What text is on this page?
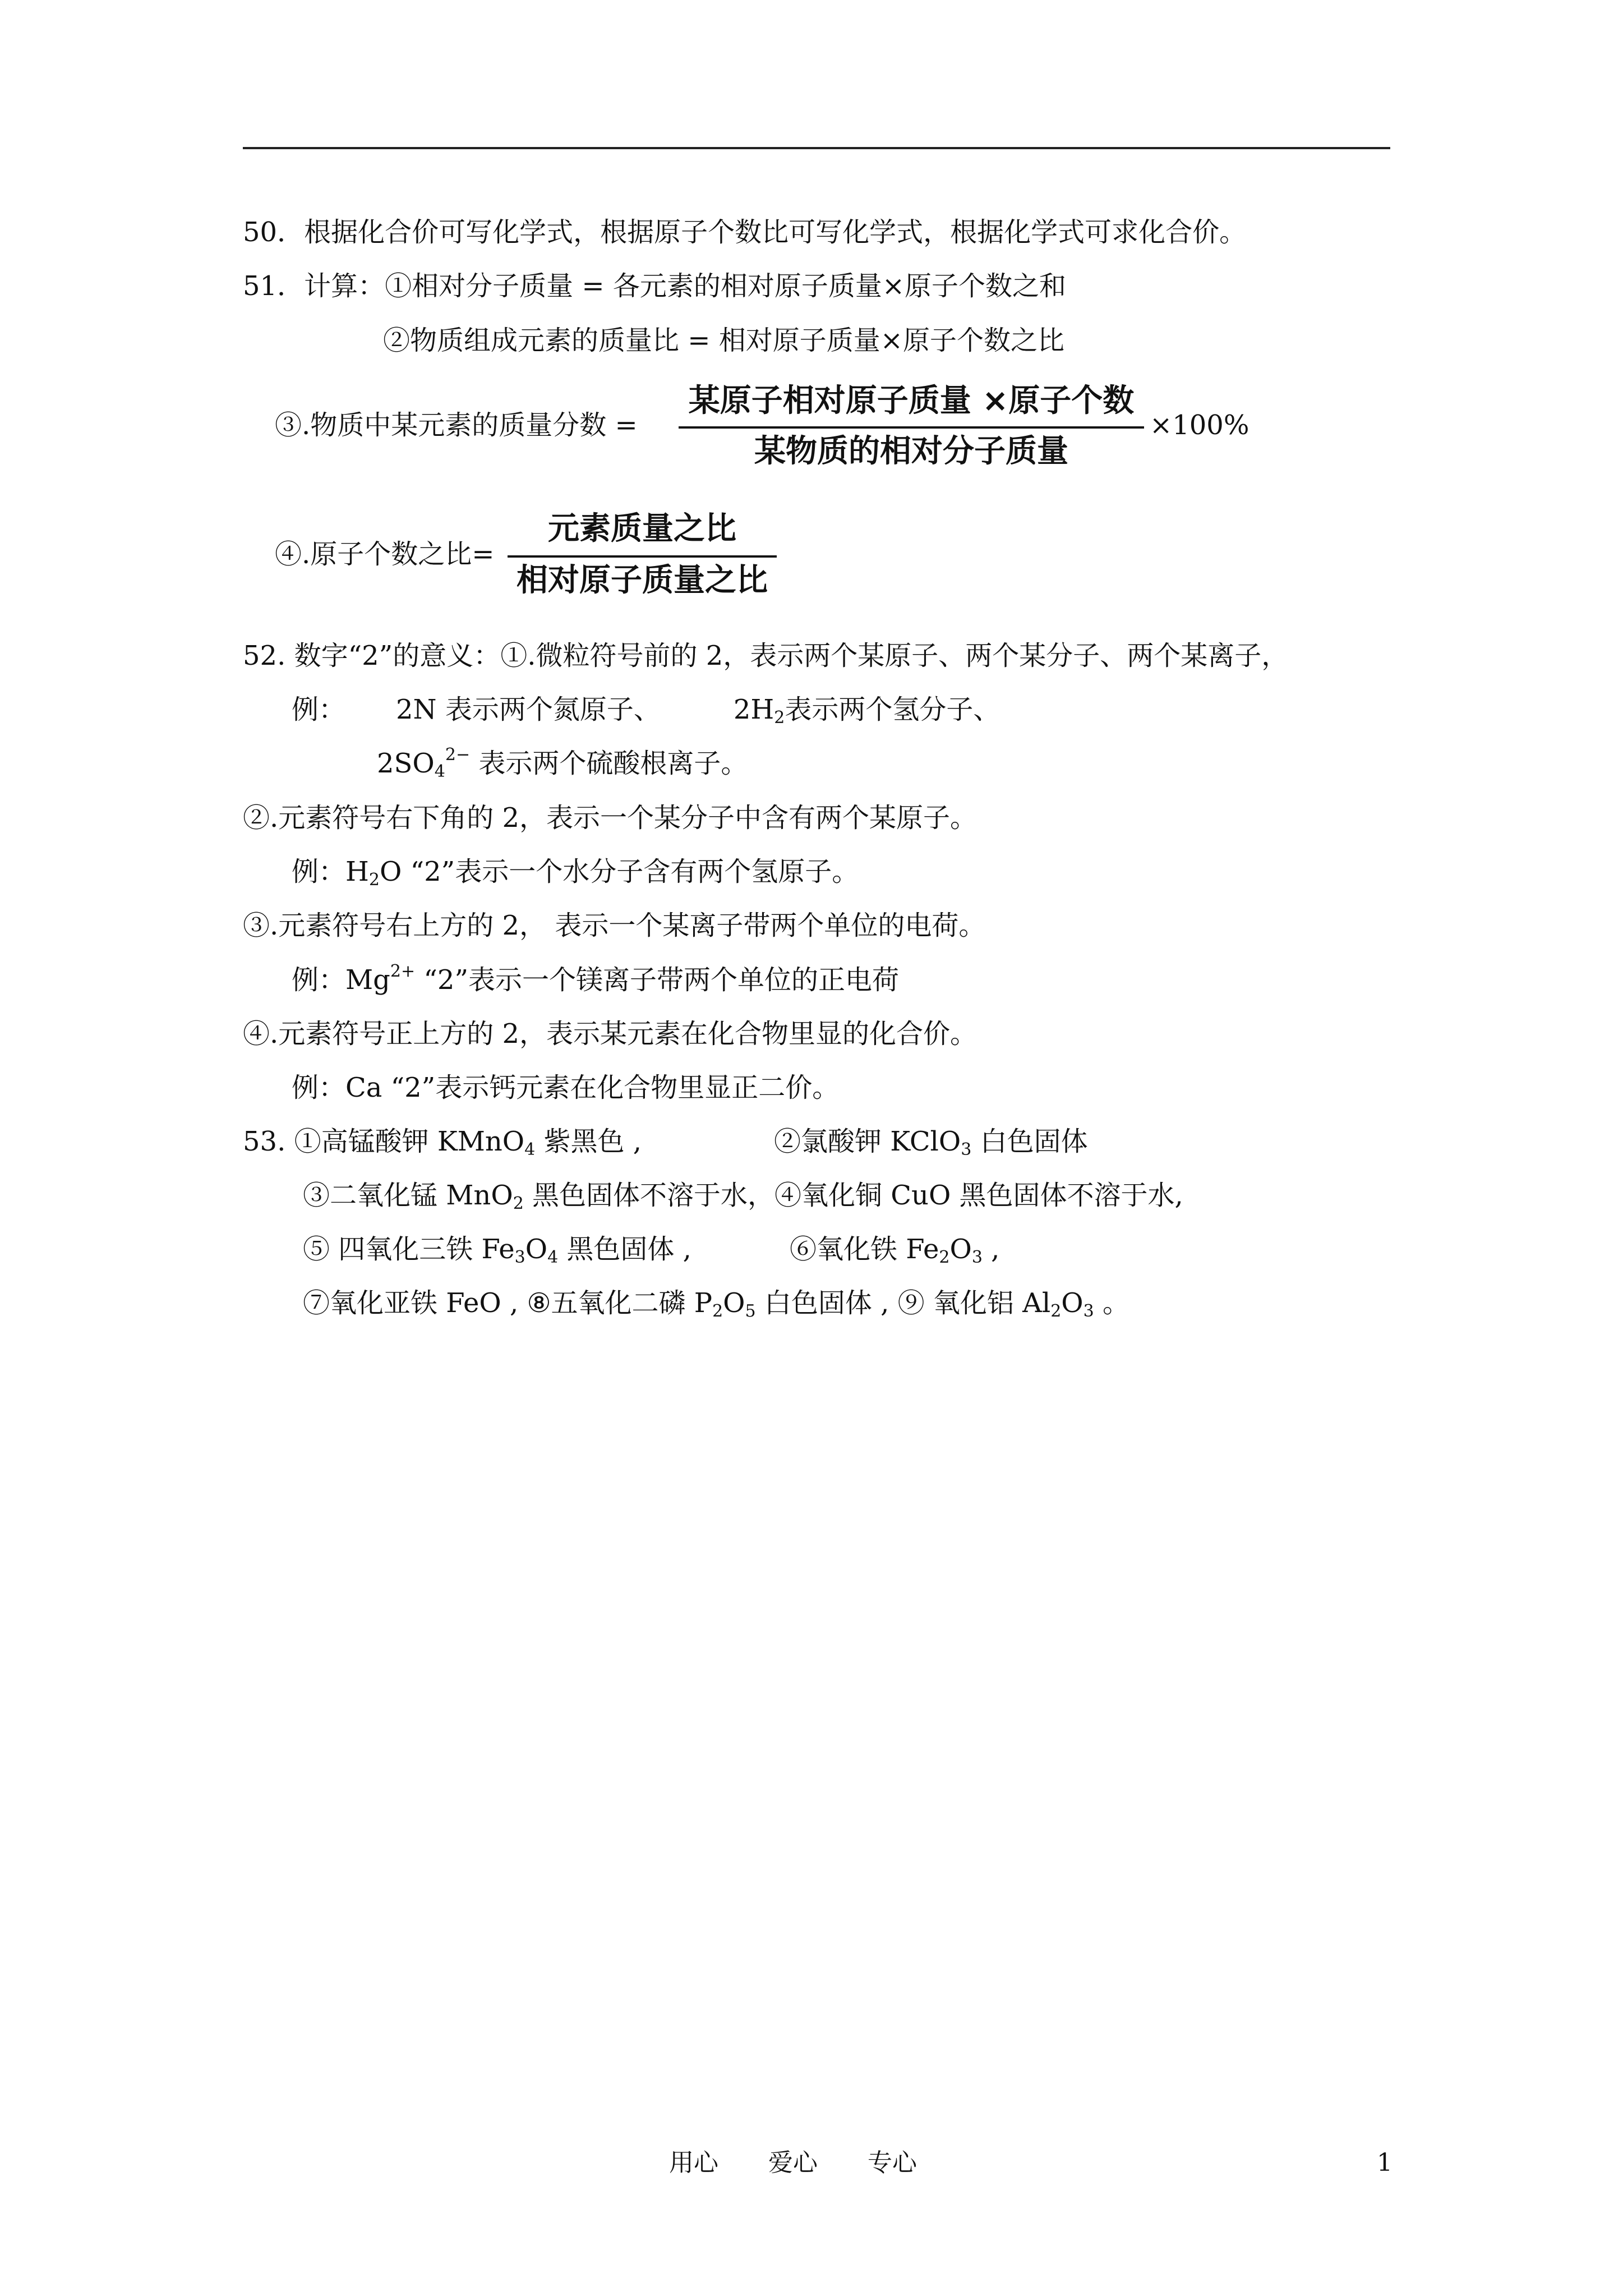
50．根据化合价可写化学式，根据原子个数比可写化学式，根据化学式可求化合价。
51．计算：①相对分子质量 = 各元素的相对原子质量×原子个数之和
②物质组成元素的质量比 = 相对原子质量×原子个数之比
③.物质中某元素的质量分数 =
某原子相对原子质量 ×原子个数
某物质的相对分子质量
×100%
④.原子个数之比=
元素质量之比
相对原子质量之比
52. 数字“2”的意义：①.微粒符号前的 2，表示两个某原子、两个某分子、两个某离子，
例： 2N 表示两个氮原子、	$2H_2$表示两个氢分子、
$2SO_4^{2-}$ 表示两个硫酸根离子。
②.元素符号右下角的 2，表示一个某分子中含有两个某原子。
例：$H_2O$ “2”表示一个水分子含有两个氢原子。
③.元素符号右上方的 2， 表示一个某离子带两个单位的电荷。
例：$Mg^{2+}$ “2”表示一个镁离子带两个单位的正电荷
④.元素符号正上方的 2，表示某元素在化合物里显的化合价。
例：Ca “2”表示钙元素在化合物里显正二价。
53. ①高锰酸钾 KMnO$_4$ 紫黑色 ,	②氯酸钾 KClO$_3$ 白色固体
③二氧化锰 MnO$_2$ 黑色固体不溶于水，④氧化铜 CuO 黑色固体不溶于水,
⑤ 四氧化三铁 $Fe_3O_4$ 黑色固体 ,	⑥氧化铁 $Fe_2O_3$ ,
⑦氧化亚铁 FeO , ⑧五氧化二磷 $P_2O_5$ 白色固体 , ⑨ 氧化铝 $Al_2O_3$ 。
用心 爱心 专心	1
